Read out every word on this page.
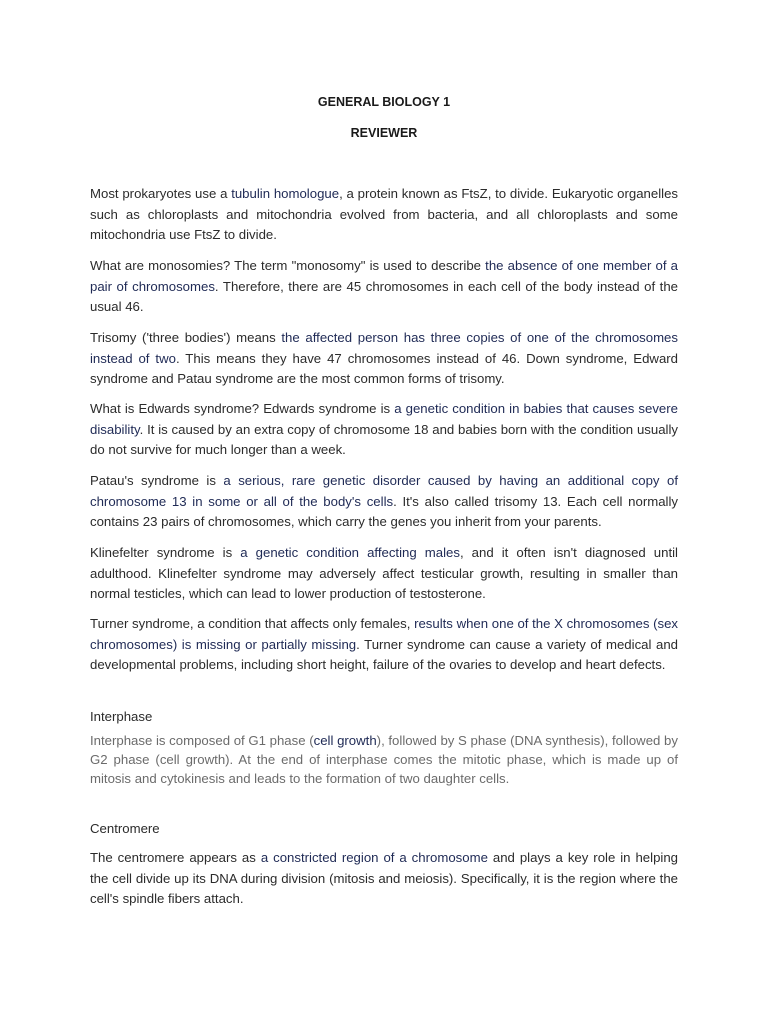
GENERAL BIOLOGY 1
REVIEWER

Most prokaryotes use a tubulin homologue, a protein known as FtsZ, to divide. Eukaryotic organelles such as chloroplasts and mitochondria evolved from bacteria, and all chloroplasts and some mitochondria use FtsZ to divide.

What are monosomies? The term "monosomy" is used to describe the absence of one member of a pair of chromosomes. Therefore, there are 45 chromosomes in each cell of the body instead of the usual 46.

Trisomy ('three bodies') means the affected person has three copies of one of the chromosomes instead of two. This means they have 47 chromosomes instead of 46. Down syndrome, Edward syndrome and Patau syndrome are the most common forms of trisomy.

What is Edwards syndrome? Edwards syndrome is a genetic condition in babies that causes severe disability. It is caused by an extra copy of chromosome 18 and babies born with the condition usually do not survive for much longer than a week.

Patau's syndrome is a serious, rare genetic disorder caused by having an additional copy of chromosome 13 in some or all of the body's cells. It's also called trisomy 13. Each cell normally contains 23 pairs of chromosomes, which carry the genes you inherit from your parents.

Klinefelter syndrome is a genetic condition affecting males, and it often isn't diagnosed until adulthood. Klinefelter syndrome may adversely affect testicular growth, resulting in smaller than normal testicles, which can lead to lower production of testosterone.

Turner syndrome, a condition that affects only females, results when one of the X chromosomes (sex chromosomes) is missing or partially missing. Turner syndrome can cause a variety of medical and developmental problems, including short height, failure of the ovaries to develop and heart defects.

Interphase

Interphase is composed of G1 phase (cell growth), followed by S phase (DNA synthesis), followed by G2 phase (cell growth). At the end of interphase comes the mitotic phase, which is made up of mitosis and cytokinesis and leads to the formation of two daughter cells.

Centromere

The centromere appears as a constricted region of a chromosome and plays a key role in helping the cell divide up its DNA during division (mitosis and meiosis). Specifically, it is the region where the cell's spindle fibers attach.
